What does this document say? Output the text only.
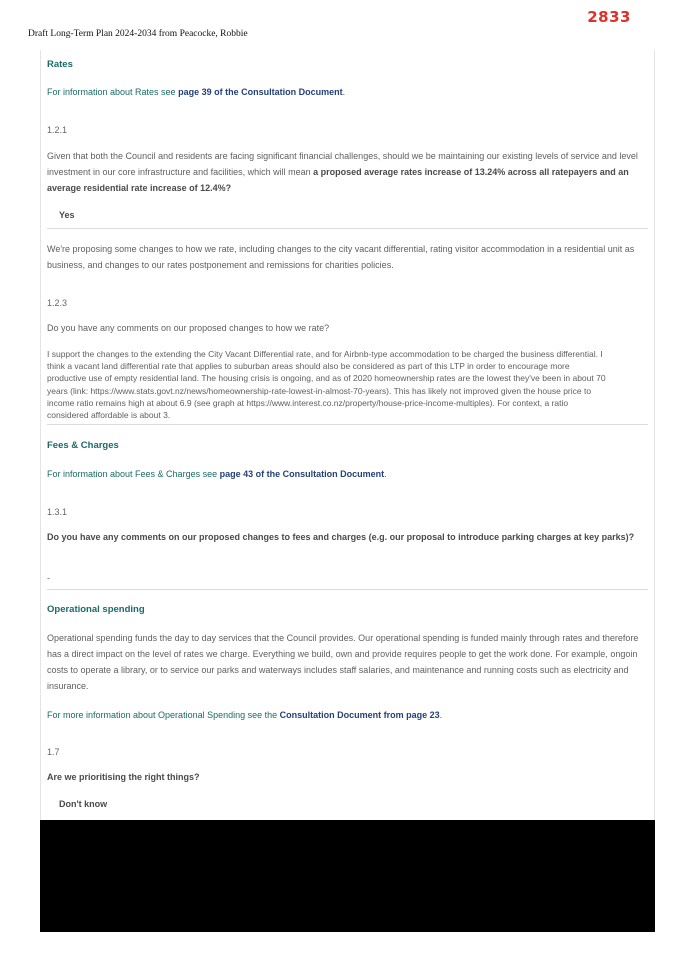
2833
Draft Long-Term Plan 2024-2034 from Peacocke, Robbie
Rates
For information about Rates see page 39 of the Consultation Document.
1.2.1
Given that both the Council and residents are facing significant financial challenges, should we be maintaining our existing levels of service and level investment in our core infrastructure and facilities, which will mean a proposed average rates increase of 13.24% across all ratepayers and an average residential rate increase of 12.4%?
Yes
We're proposing some changes to how we rate, including changes to the city vacant differential, rating visitor accommodation in a residential unit as business, and changes to our rates postponement and remissions for charities policies.
1.2.3
Do you have any comments on our proposed changes to how we rate?
I support the changes to the extending the City Vacant Differential rate, and for Airbnb-type accommodation to be charged the business differential. I think a vacant land differential rate that applies to suburban areas should also be considered as part of this LTP in order to encourage more productive use of empty residential land. The housing crisis is ongoing, and as of 2020 homeownership rates are the lowest they've been in about 70 years (link: https://www.stats.govt.nz/news/homeownership-rate-lowest-in-almost-70-years). This has likely not improved given the house price to income ratio remains high at about 6.9 (see graph at https://www.interest.co.nz/property/house-price-income-multiples). For context, a ratio considered affordable is about 3.
Fees & Charges
For information about Fees & Charges see page 43 of the Consultation Document.
1.3.1
Do you have any comments on our proposed changes to fees and charges (e.g. our proposal to introduce parking charges at key parks)?
-
Operational spending
Operational spending funds the day to day services that the Council provides. Our operational spending is funded mainly through rates and therefore has a direct impact on the level of rates we charge. Everything we build, own and provide requires people to get the work done. For example, ongoin costs to operate a library, or to service our parks and waterways includes staff salaries, and maintenance and running costs such as electricity and insurance.
For more information about Operational Spending see the Consultation Document from page 23.
1.7
Are we prioritising the right things?
Don't know
